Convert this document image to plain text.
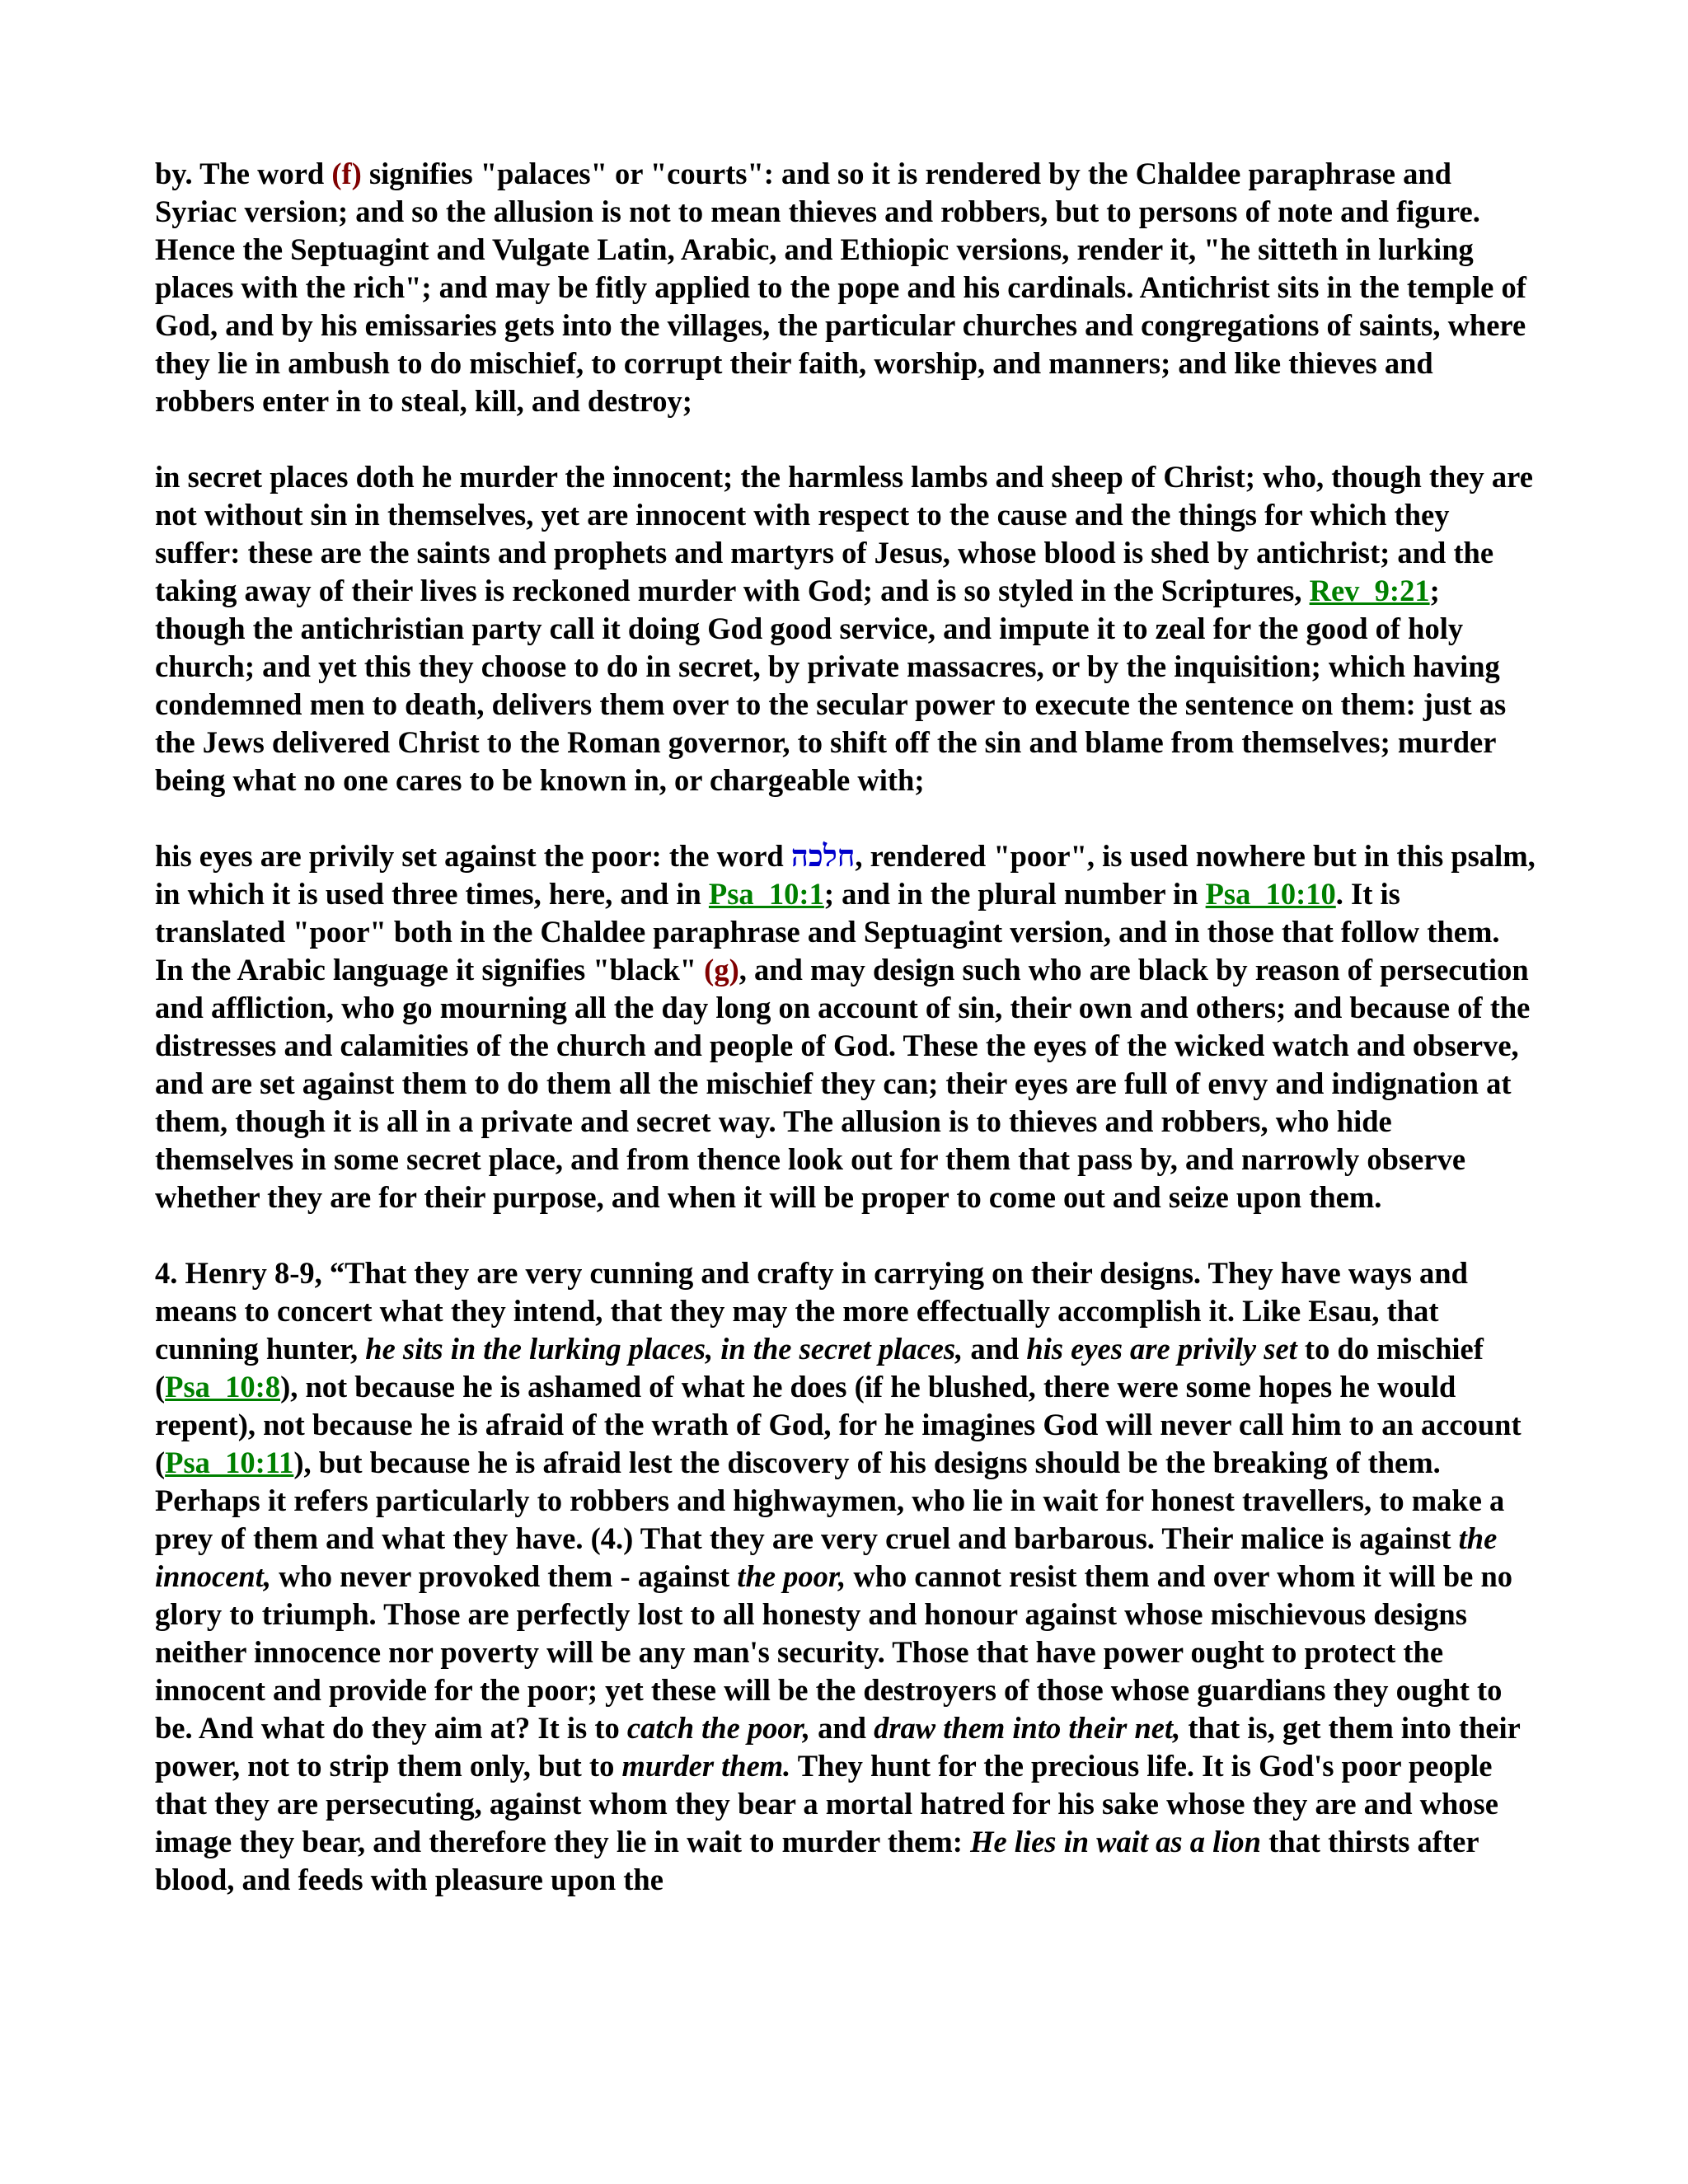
by. The word (f) signifies "palaces" or "courts": and so it is rendered by the Chaldee paraphrase and Syriac version; and so the allusion is not to mean thieves and robbers, but to persons of note and figure. Hence the Septuagint and Vulgate Latin, Arabic, and Ethiopic versions, render it, "he sitteth in lurking places with the rich"; and may be fitly applied to the pope and his cardinals. Antichrist sits in the temple of God, and by his emissaries gets into the villages, the particular churches and congregations of saints, where they lie in ambush to do mischief, to corrupt their faith, worship, and manners; and like thieves and robbers enter in to steal, kill, and destroy;

in secret places doth he murder the innocent; the harmless lambs and sheep of Christ; who, though they are not without sin in themselves, yet are innocent with respect to the cause and the things for which they suffer: these are the saints and prophets and martyrs of Jesus, whose blood is shed by antichrist; and the taking away of their lives is reckoned murder with God; and is so styled in the Scriptures, Rev_9:21; though the antichristian party call it doing God good service, and impute it to zeal for the good of holy church; and yet this they choose to do in secret, by private massacres, or by the inquisition; which having condemned men to death, delivers them over to the secular power to execute the sentence on them: just as the Jews delivered Christ to the Roman governor, to shift off the sin and blame from themselves; murder being what no one cares to be known in, or chargeable with;

his eyes are privily set against the poor: the word חלכה, rendered "poor", is used nowhere but in this psalm, in which it is used three times, here, and in Psa_10:1; and in the plural number in Psa_10:10. It is translated "poor" both in the Chaldee paraphrase and Septuagint version, and in those that follow them. In the Arabic language it signifies "black" (g), and may design such who are black by reason of persecution and affliction, who go mourning all the day long on account of sin, their own and others; and because of the distresses and calamities of the church and people of God. These the eyes of the wicked watch and observe, and are set against them to do them all the mischief they can; their eyes are full of envy and indignation at them, though it is all in a private and secret way. The allusion is to thieves and robbers, who hide themselves in some secret place, and from thence look out for them that pass by, and narrowly observe whether they are for their purpose, and when it will be proper to come out and seize upon them.

4. Henry 8-9, “That they are very cunning and crafty in carrying on their designs. They have ways and means to concert what they intend, that they may the more effectually accomplish it. Like Esau, that cunning hunter, he sits in the lurking places, in the secret places, and his eyes are privily set to do mischief (Psa_10:8), not because he is ashamed of what he does (if he blushed, there were some hopes he would repent), not because he is afraid of the wrath of God, for he imagines God will never call him to an account (Psa_10:11), but because he is afraid lest the discovery of his designs should be the breaking of them. Perhaps it refers particularly to robbers and highwaymen, who lie in wait for honest travellers, to make a prey of them and what they have. (4.) That they are very cruel and barbarous. Their malice is against the innocent, who never provoked them - against the poor, who cannot resist them and over whom it will be no glory to triumph. Those are perfectly lost to all honesty and honour against whose mischievous designs neither innocence nor poverty will be any man's security. Those that have power ought to protect the innocent and provide for the poor; yet these will be the destroyers of those whose guardians they ought to be. And what do they aim at? It is to catch the poor, and draw them into their net, that is, get them into their power, not to strip them only, but to murder them. They hunt for the precious life. It is God's poor people that they are persecuting, against whom they bear a mortal hatred for his sake whose they are and whose image they bear, and therefore they lie in wait to murder them: He lies in wait as a lion that thirsts after blood, and feeds with pleasure upon the
